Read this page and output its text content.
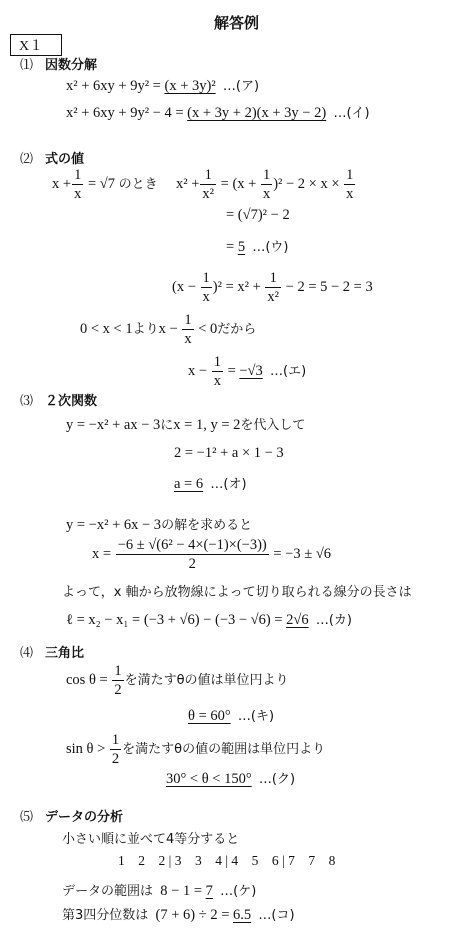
解答例
X１
⑴ 因数分解
x² + 6xy + 9y² = (x + 3y)² …(ア)
x² + 6xy + 9y² − 4 = (x + 3y + 2)(x + 3y − 2) …(イ)
⑵ 式の値
$x + \frac{1}{x} = √7$ のとき $x^2 + \frac{1}{\text{x²}} = (x + \frac{1}{x} )^2 - 2 \times x \times \frac{1}{x}$
= (√7)² − 2
= 5 …(ウ)
$(x - \frac{1}{x} )^2 = x^2 + \frac{1}{\text{x²}} - 2 = 5 - 2 = 3$
0 < x < 1より$x - \frac{1}{x} < 0$だから
$x - \frac{1}{x} = -√3$ …(エ)
⑶ ２次関数
y = −x² + ax − 3にx = 1, y = 2を代入して
2 = −1² + a × 1 − 3
a = 6 …(オ)
y = −x² + 6x − 3の解を求めると
$x = \frac{\text{−6 ± √(6² − 4×(−1)×(−3))}}{2} = -3 \pm √6$
よって，x 軸から放物線によって切り取られる線分の長さは
ℓ = x₂ − x₁ = (−3 + √6) − (−3 − √6) = 2√6 …(カ)
⑷ 三角比
$\cos \theta = \frac{1}{2}$ を満たすθの値は単位円より
θ = 60° …(キ)
$\sin \theta > \frac{1}{2}$ を満たすθの値の範囲は単位円より
30° < θ < 150° …(ク)
⑸ データの分析
小さい順に並べて4等分すると
1　2　2 | 3　3　4 | 4　5　6 | 7　7　8
データの範囲は 8 − 1 = 7 …(ケ)
第3四分位数は (7 + 6) ÷ 2 = 6.5 …(コ)
